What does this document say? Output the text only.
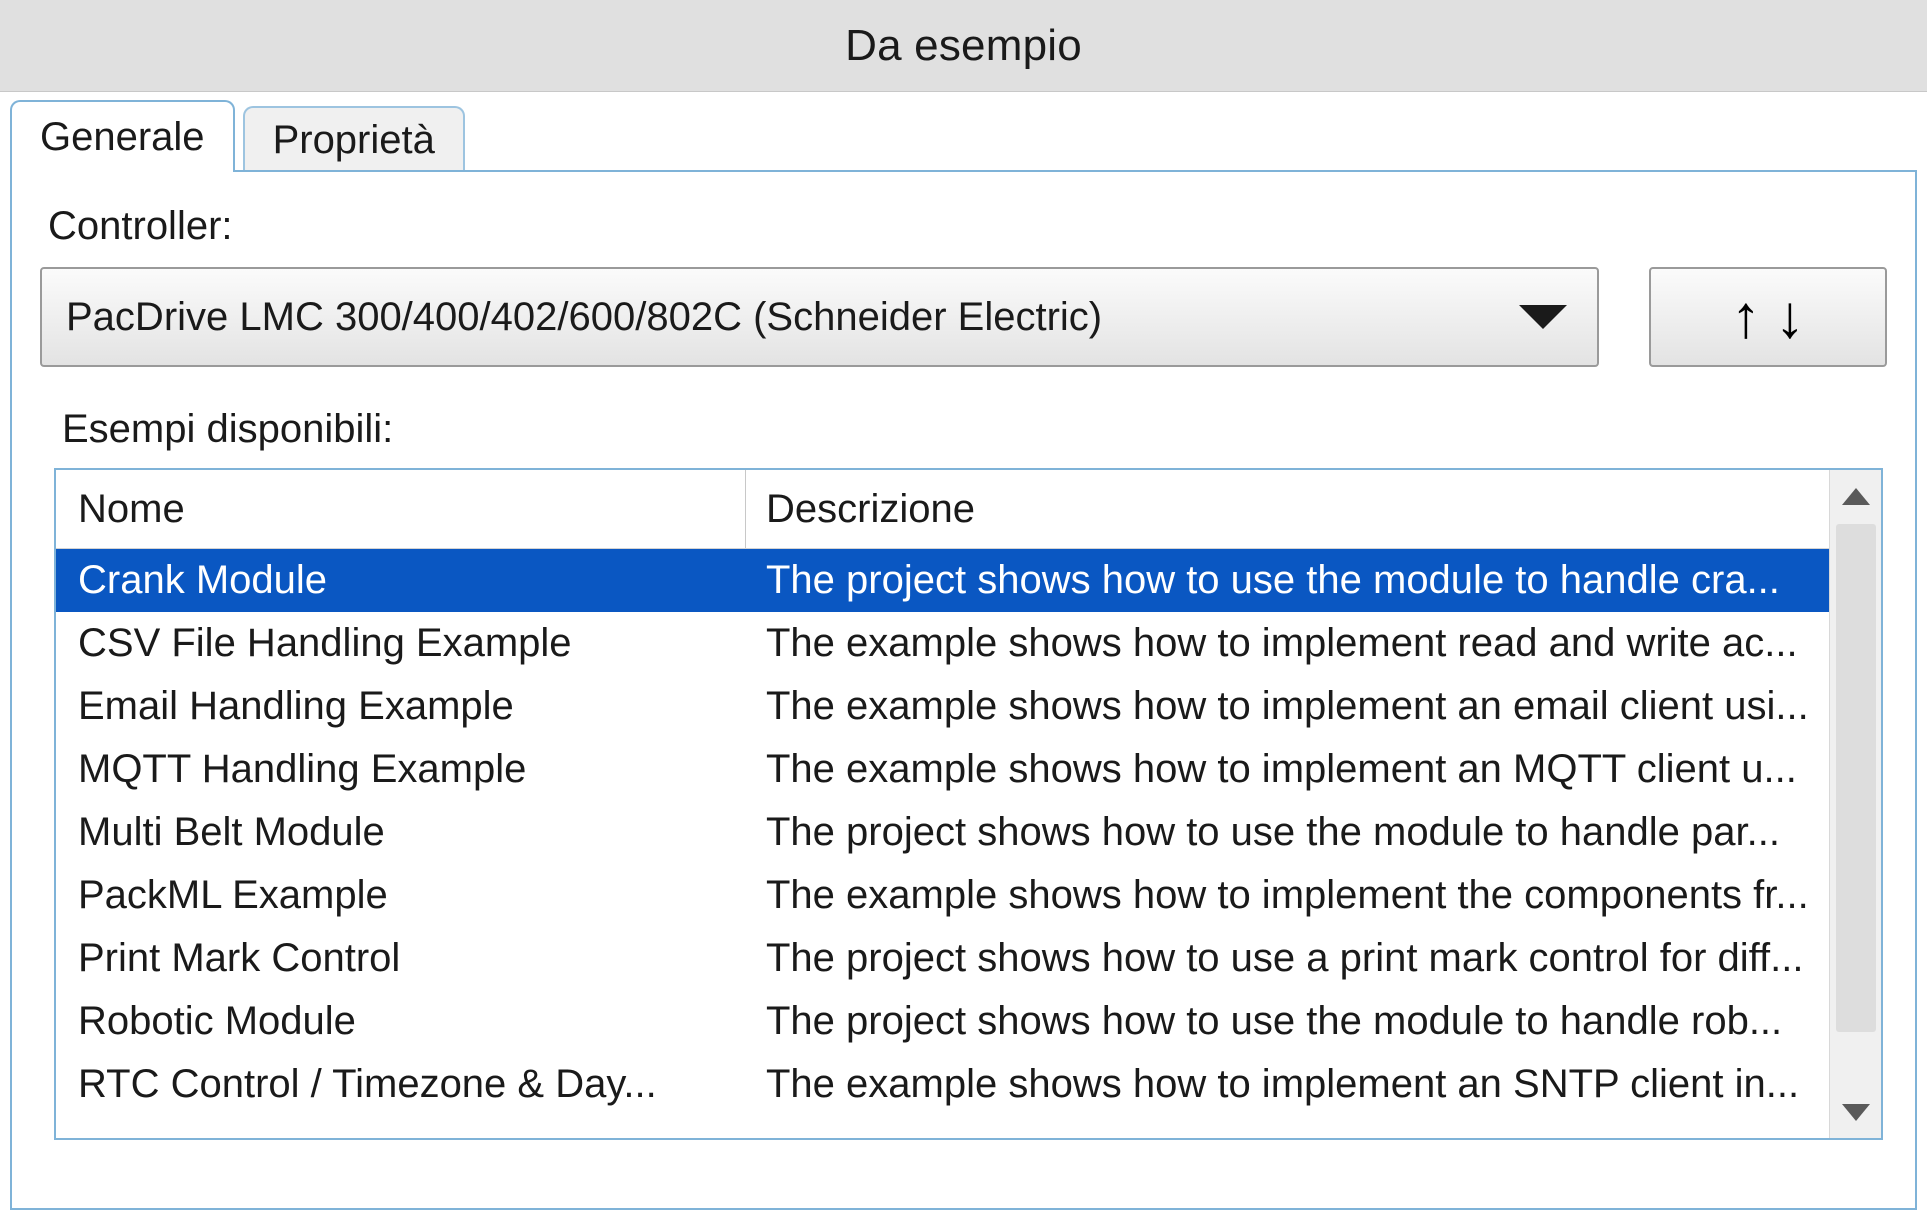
Da esempio
Generale Proprietà
Controller:
PacDrive LMC 300/400/402/600/802C (Schneider Electric)	↑ ↓
Esempi disponibili:
Nome	Descrizione
Crank Module	The project shows how to use the module to handle cra...
CSV File Handling Example	The example shows how to implement read and write ac...
Email Handling Example	The example shows how to implement an email client usi...
MQTT Handling Example	The example shows how to implement an MQTT client u...
Multi Belt Module	The project shows how to use the module to handle par...
PackML Example	The example shows how to implement the components fr...
Print Mark Control	The project shows how to use a print mark control for diff...
Robotic Module	The project shows how to use the module to handle rob...
RTC Control / Timezone & Day...	The example shows how to implement an SNTP client in...
